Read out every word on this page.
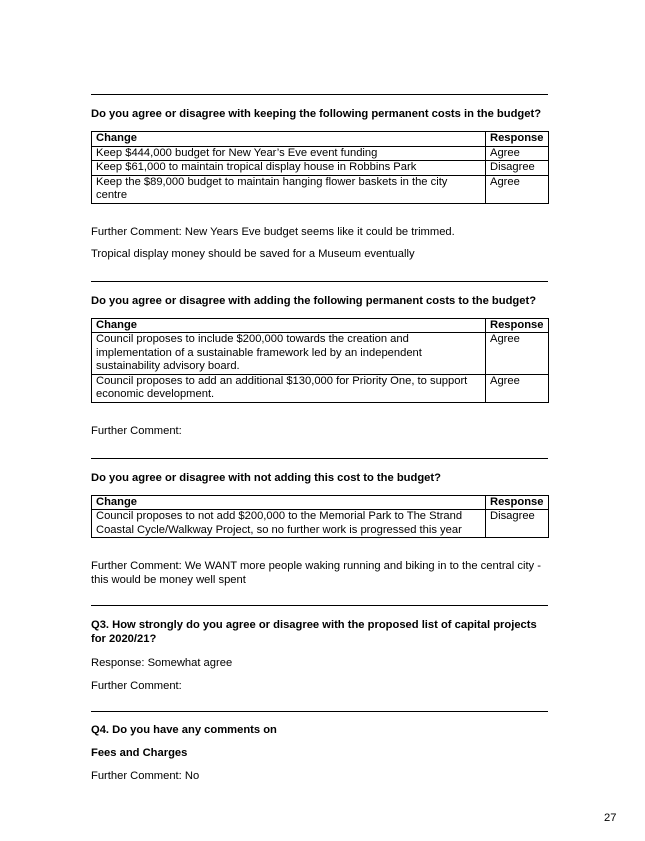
Do you agree or disagree with keeping the following permanent costs in the budget?
Change	Response
Keep $444,000 budget for New Year’s Eve event funding	Agree
Keep $61,000 to maintain tropical display house in Robbins Park	Disagree
Keep the $89,000 budget to maintain hanging flower baskets in the city centre	Agree

Further Comment: New Years Eve budget seems like it could be trimmed.

Tropical display money should be saved for a Museum eventually

Do you agree or disagree with adding the following permanent costs to the budget?
Change	Response
Council proposes to include $200,000 towards the creation and implementation of a sustainable framework led by an independent sustainability advisory board.	Agree
Council proposes to add an additional $130,000 for Priority One, to support economic development.	Agree

Further Comment:

Do you agree or disagree with not adding this cost to the budget?
Change	Response
Council proposes to not add $200,000 to the Memorial Park to The Strand Coastal Cycle/Walkway Project, so no further work is progressed this year	Disagree

Further Comment: We WANT more people waking running and biking in to the central city - this would be money well spent

Q3. How strongly do you agree or disagree with the proposed list of capital projects for 2020/21?

Response: Somewhat agree

Further Comment:

Q4. Do you have any comments on
Fees and Charges

Further Comment: No

27
